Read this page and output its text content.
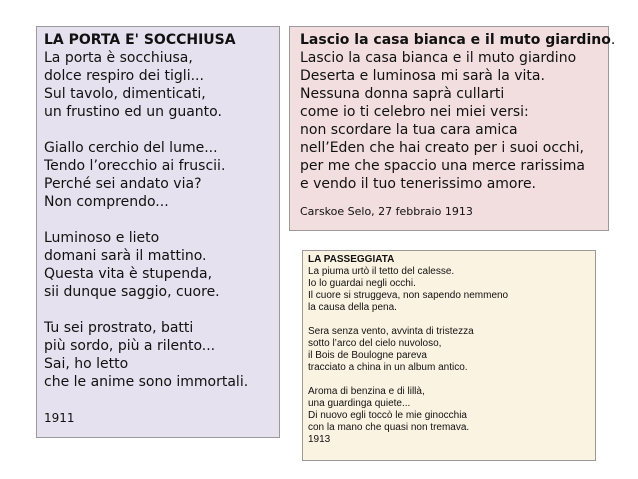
LA PORTA E' SOCCHIUSA
La porta è socchiusa,
dolce respiro dei tigli...
Sul tavolo, dimenticati,
un frustino ed un guanto.
Giallo cerchio del lume...
Tendo l’orecchio ai fruscii.
Perché sei andato via?
Non comprendo...
Luminoso e lieto
domani sarà il mattino.
Questa vita è stupenda,
sii dunque saggio, cuore.
Tu sei prostrato, batti
più sordo, più a rilento...
Sai, ho letto
che le anime sono immortali.
1911
Lascio la casa bianca e il muto giardino.
Lascio la casa bianca e il muto giardino
Deserta e luminosa mi sarà la vita.
Nessuna donna saprà cullarti
come io ti celebro nei miei versi:
non scordare la tua cara amica
nell’Eden che hai creato per i suoi occhi,
per me che spaccio una merce rarissima
e vendo il tuo tenerissimo amore.
Carskoe Selo, 27 febbraio 1913
LA PASSEGGIATA
La piuma urtò il tetto del calesse.
Io lo guardai negli occhi.
Il cuore si struggeva, non sapendo nemmeno
la causa della pena.
Sera senza vento, avvinta di tristezza
sotto l’arco del cielo nuvoloso,
il Bois de Boulogne pareva
tracciato a china in un album antico.
Aroma di benzina e di lillà,
una guardinga quiete...
Di nuovo egli toccò le mie ginocchia
con la mano che quasi non tremava.
1913
